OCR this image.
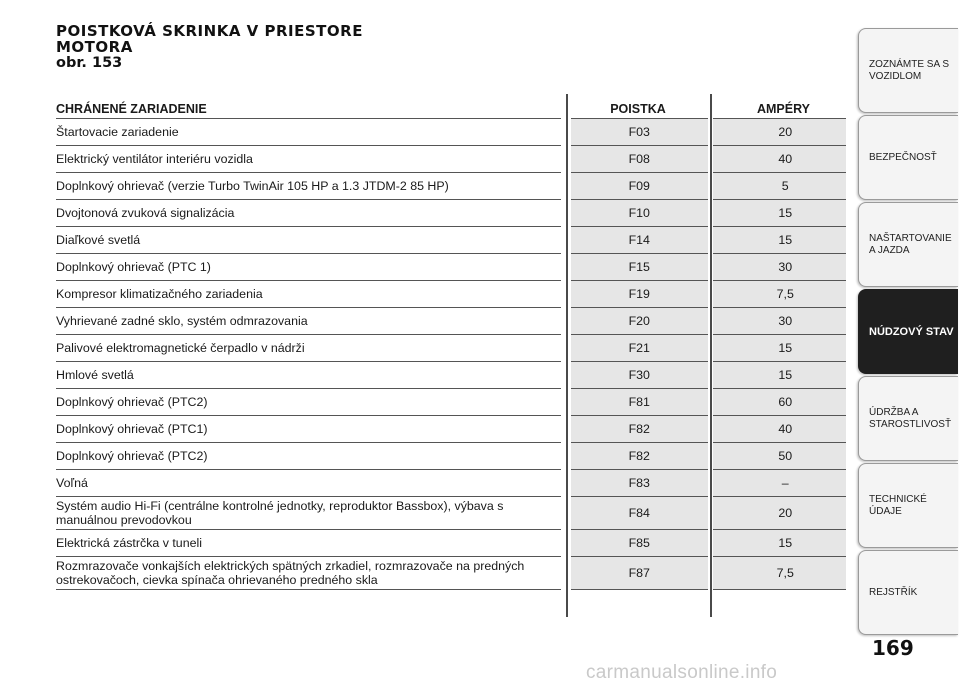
POISTKOVÁ SKRINKA V PRIESTORE
MOTORA
obr. 153
CHRÁNENÉ ZARIADENIE	POISTKA	AMPÉRY
Štartovacie zariadenie	F03	20
Elektrický ventilátor interiéru vozidla	F08	40
Doplnkový ohrievač (verzie Turbo TwinAir 105 HP a 1.3 JTDM-2 85 HP)	F09	5
Dvojtonová zvuková signalizácia	F10	15
Diaľkové svetlá	F14	15
Doplnkový ohrievač (PTC 1)	F15	30
Kompresor klimatizačného zariadenia	F19	7,5
Vyhrievané zadné sklo, systém odmrazovania	F20	30
Palivové elektromagnetické čerpadlo v nádrži	F21	15
Hmlové svetlá	F30	15
Doplnkový ohrievač (PTC2)	F81	60
Doplnkový ohrievač (PTC1)	F82	40
Doplnkový ohrievač (PTC2)	F82	50
Voľná	F83	–
Systém audio Hi-Fi (centrálne kontrolné jednotky, reproduktor Bassbox), výbava s manuálnou prevodovkou	F84	20
Elektrická zástrčka v tuneli	F85	15
Rozmrazovače vonkajších elektrických spätných zrkadiel, rozmrazovače na predných ostrekovačoch, cievka spínača ohrievaného predného skla	F87	7,5
ZOZNÁMTE SA S VOZIDLOM
BEZPEČNOSŤ
NAŠTARTOVANIE A JAZDA
NÚDZOVÝ STAV
ÚDRŽBA A STAROSTLIVOSŤ
TECHNICKÉ ÚDAJE
REJSTŘÍK
169
carmanualsonline.info
